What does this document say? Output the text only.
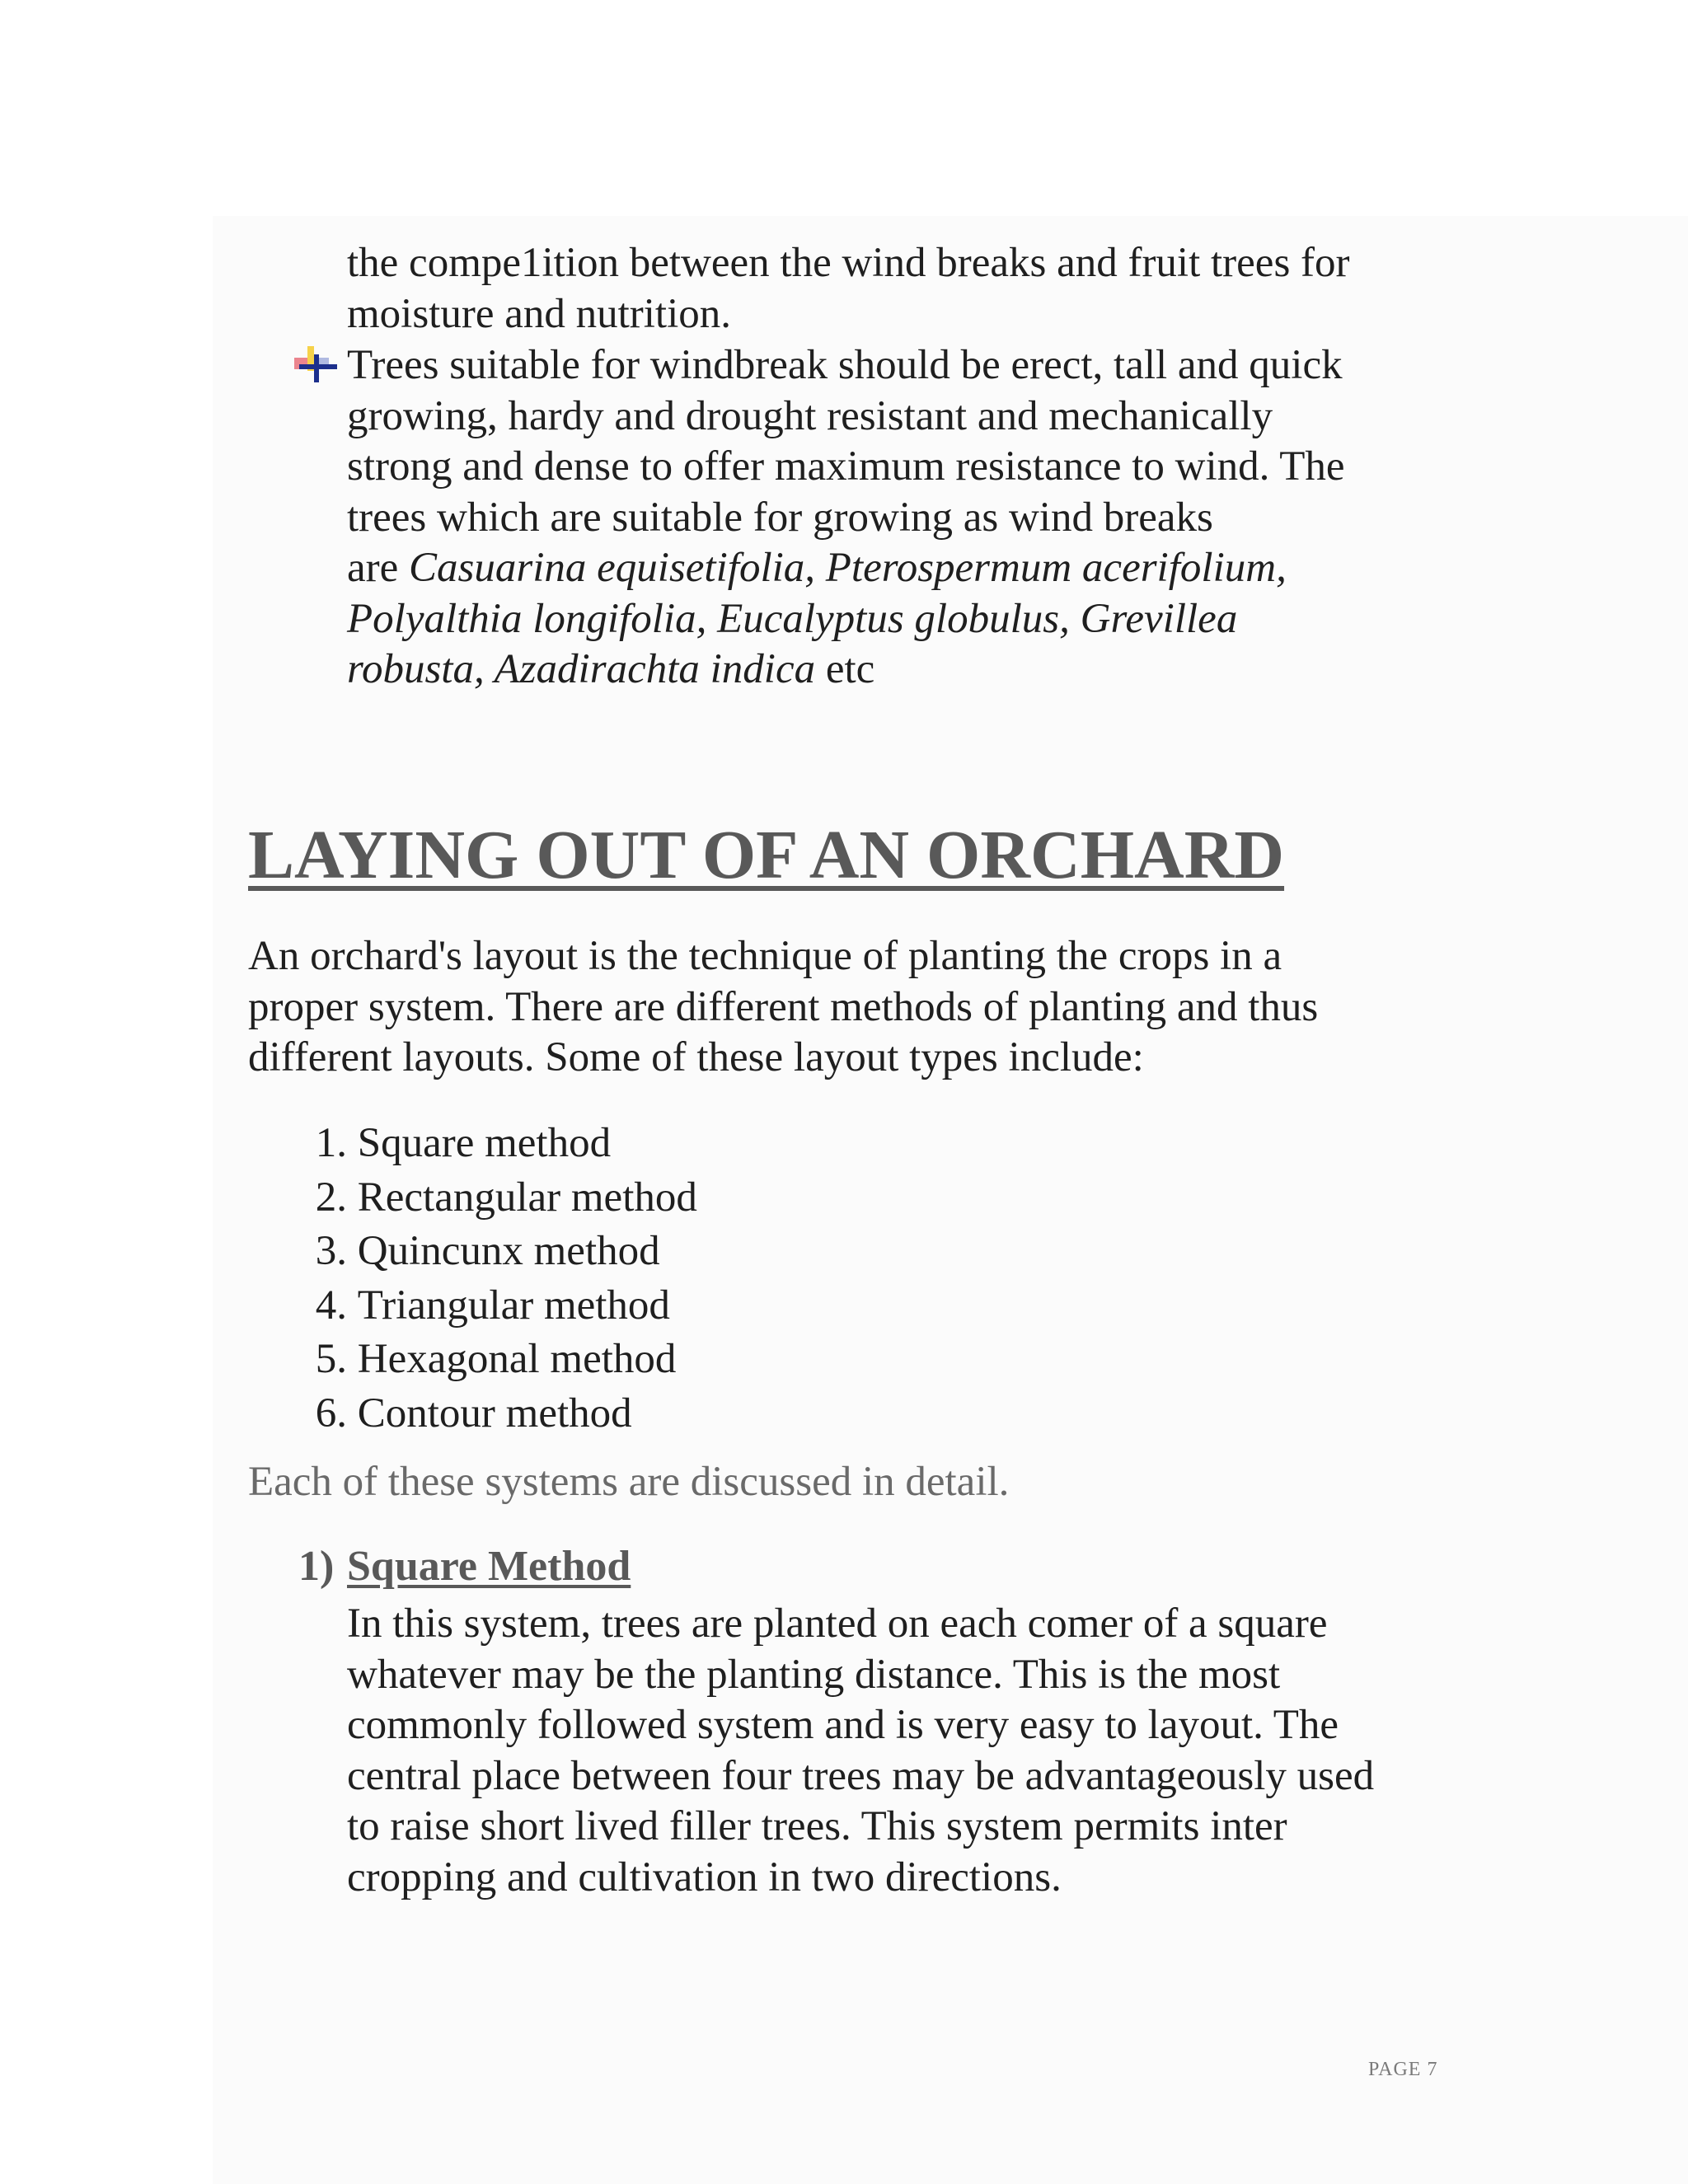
the compe1ition between the wind breaks and fruit trees for
moisture and nutrition.
Trees suitable for windbreak should be erect, tall and quick
growing, hardy and drought resistant and mechanically
strong and dense to offer maximum resistance to wind. The
trees which are suitable for growing as wind breaks
are Casuarina equisetifolia, Pterospermum acerifolium,
Polyalthia longifolia, Eucalyptus globulus, Grevillea
robusta, Azadirachta indica etc
LAYING OUT OF AN ORCHARD
An orchard's layout is the technique of planting the crops in a
proper system. There are different methods of planting and thus
different layouts. Some of these layout types include:
1. Square method
2. Rectangular method
3. Quincunx method
4. Triangular method
5. Hexagonal method
6. Contour method
Each of these systems are discussed in detail.
1) Square Method
In this system, trees are planted on each comer of a square
whatever may be the planting distance. This is the most
commonly followed system and is very easy to layout. The
central place between four trees may be advantageously used
to raise short lived filler trees. This system permits inter
cropping and cultivation in two directions.
PAGE 7
